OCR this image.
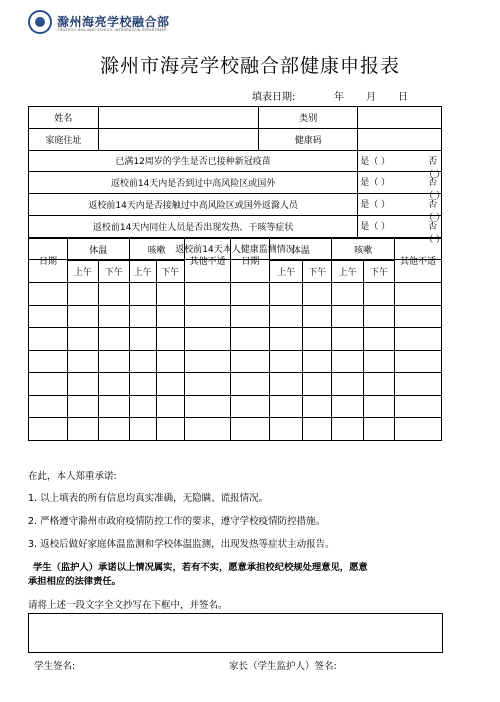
滁州海亮学校融合部
CHUZHOU HAILIANG SCHOOL INTEGRATION DEPARTMENT
滁州市海亮学校融合部健康申报表
填表日期:	年 月 日
姓名		类别	
家庭住址		健康码	
已满12周岁的学生是否已接种新冠疫苗			是（ ） 否（ ）

返校前14天内是否到过中高风险区或国外			是（ ） 否（ ）

返校前14天内是否接触过中高风险区或国外返滁人员			是（ ） 否（ ）

返校前14天内同住人员是否出现发热、干咳等症状			是（ ） 否（ ）

返校前14天本人健康监测情况			
日期	体温		咳嗽		其他不适	日期	体温		咳嗽		其他不适
	上午	下午	上午	下午			上午	下午	上午	下午	

在此，本人郑重承诺:
1. 以上填表的所有信息均真实准确，无隐瞒、谎报情况。
2. 严格遵守滁州市政府疫情防控工作的要求，遵守学校疫情防控措施。
3. 返校后做好家庭体温监测和学校体温监测，出现发热等症状主动报告。
学生（监护人）承诺以上情况属实，若有不实，愿意承担校纪校规处理意见，愿意
承担相应的法律责任。
请将上述一段文字全文抄写在下框中，并签名。
学生签名:	家长（学生监护人）签名:
